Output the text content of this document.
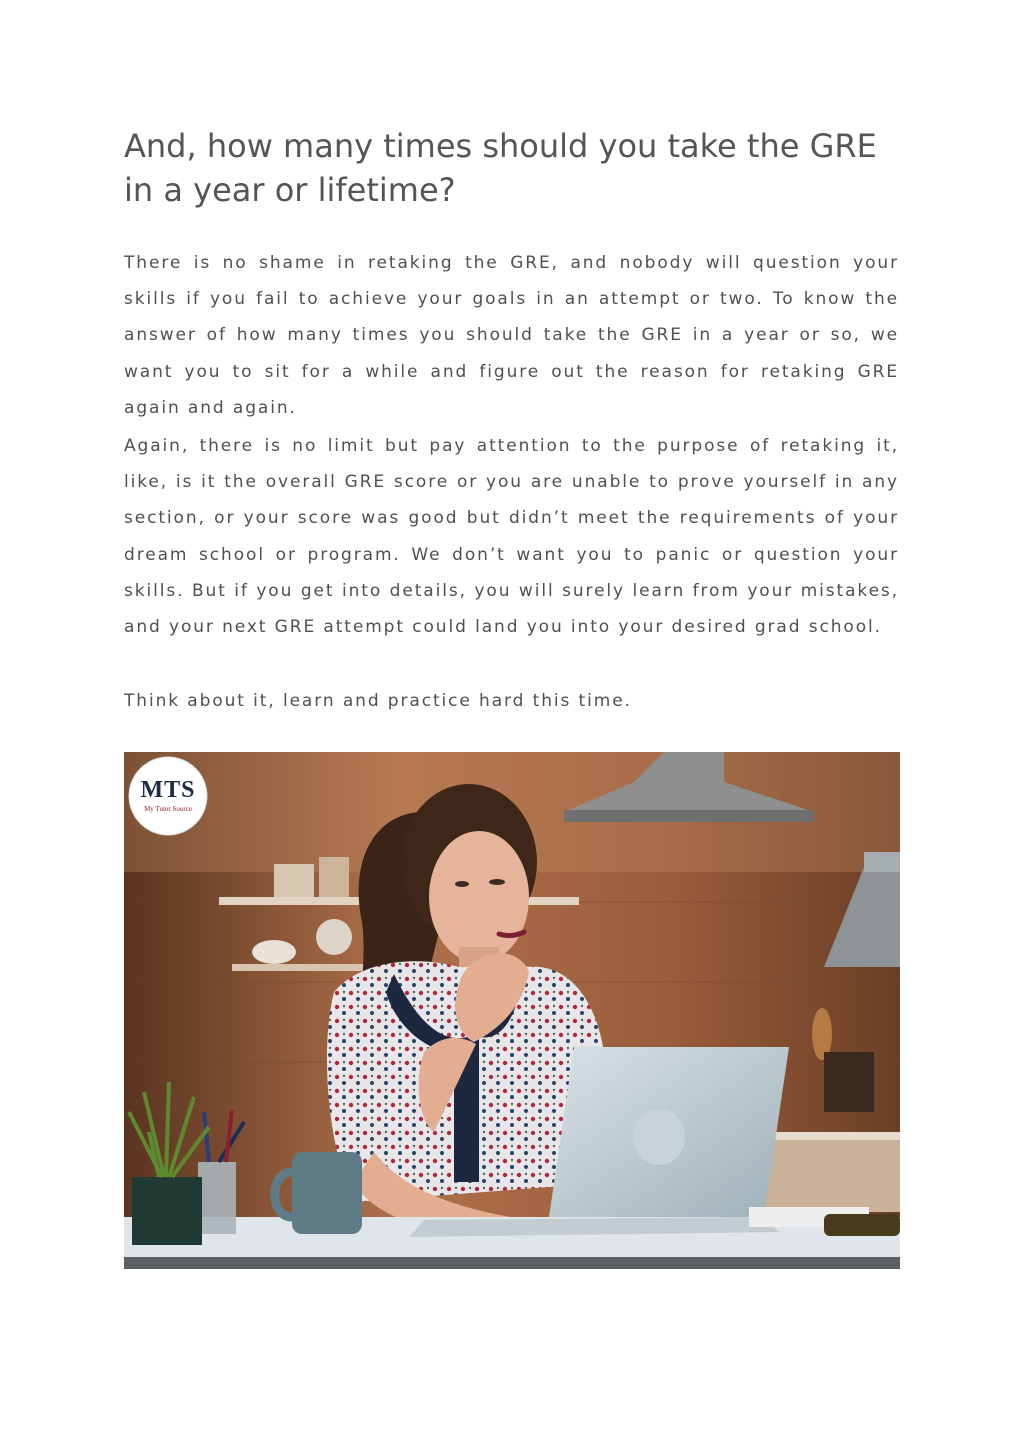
And, how many times should you take the GRE in a year or lifetime?

There is no shame in retaking the GRE, and nobody will question your skills if you fail to achieve your goals in an attempt or two. To know the answer of how many times you should take the GRE in a year or so, we want you to sit for a while and figure out the reason for retaking GRE again and again.

Again, there is no limit but pay attention to the purpose of retaking it, like, is it the overall GRE score or you are unable to prove yourself in any section, or your score was good but didn’t meet the requirements of your dream school or program. We don’t want you to panic or question your skills. But if you get into details, you will surely learn from your mistakes, and your next GRE attempt could land you into your desired grad school.

Think about it, learn and practice hard this time.

MTS
My Tutor Source
